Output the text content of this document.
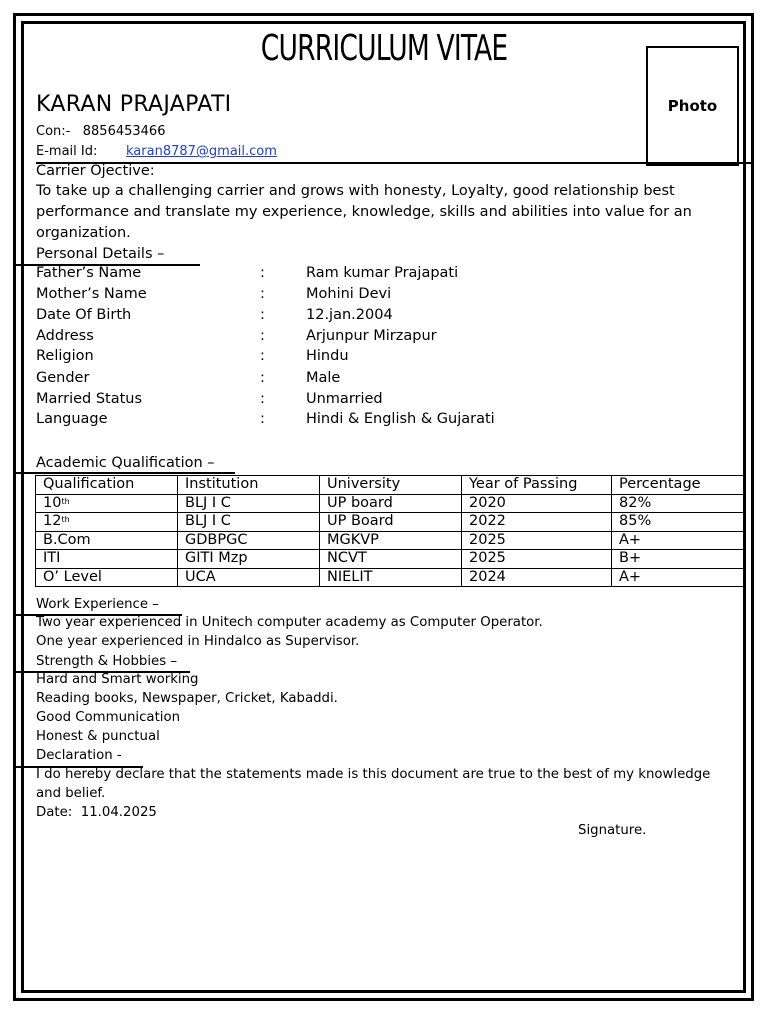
CURRICULUM VITAE
Photo
KARAN PRAJAPATI
Con:- 8856453466
E-mail Id: karan8787@gmail.com
Carrier Ojective:
To take up a challenging carrier and grows with honesty, Loyalty, good relationship best performance and translate my experience, knowledge, skills and abilities into value for an organization.
Personal Details –
Father’s Name	:	Ram kumar Prajapati
Mother’s Name	:	Mohini Devi
Date Of Birth	:	12.jan.2004
Address	:	Arjunpur Mirzapur
Religion	:	Hindu
Gender	:	Male
Married Status	:	Unmarried
Language	:	Hindi & English & Gujarati
Academic Qualification –
Qualification	Institution	University	Year of Passing	Percentage
10th	BLJ I C	UP board	2020	82%
12th	BLJ I C	UP Board	2022	85%
B.Com	GDBPGC	MGKVP	2025	A+
ITI	GITI Mzp	NCVT	2025	B+
O’ Level	UCA	NIELIT	2024	A+
Work Experience –
Two year experienced in Unitech computer academy as Computer Operator.
One year experienced in Hindalco as Supervisor.
Strength & Hobbies –
Hard and Smart working
Reading books, Newspaper, Cricket, Kabaddi.
Good Communication
Honest & punctual
Declaration -
I do hereby declare that the statements made is this document are true to the best of my knowledge and belief.
Date: 11.04.2025
Signature.
